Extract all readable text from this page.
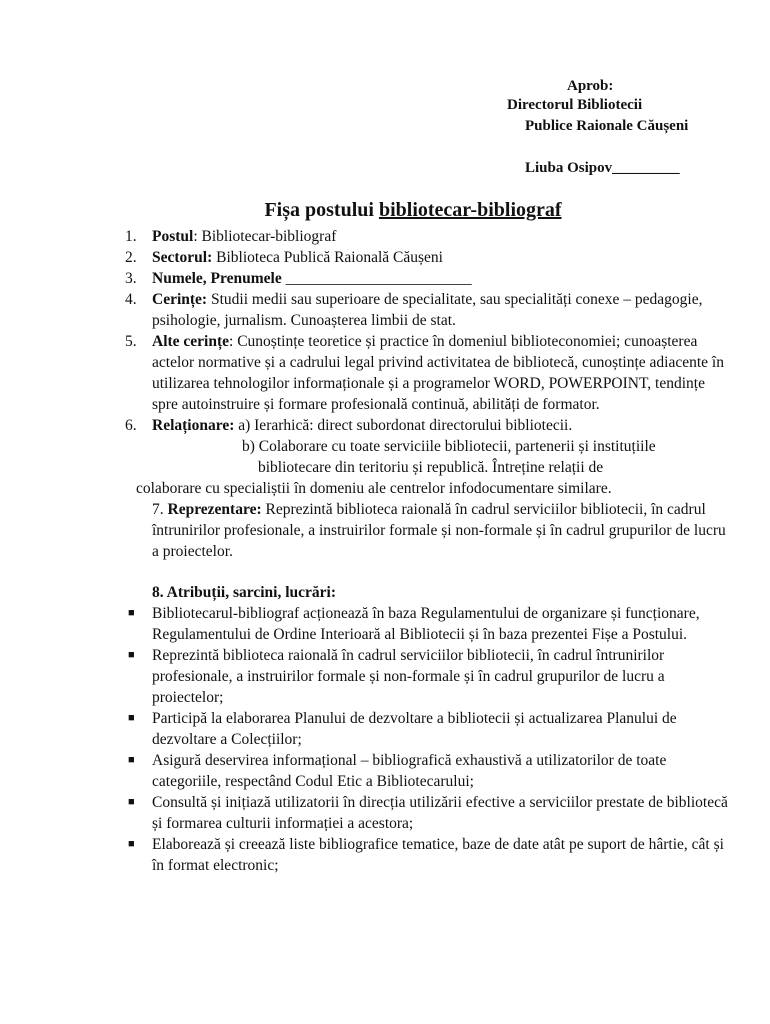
Aprob:
Directorul Bibliotecii
Publice Raionale Căușeni
Liuba Osipov_________
Fișa postului bibliotecar-bibliograf
1. Postul: Bibliotecar-bibliograf
2. Sectorul: Biblioteca Publică Raională Căușeni
3. Numele, Prenumele ________________________
4. Cerințe: Studii medii sau superioare de specialitate, sau specialități conexe – pedagogie, psihologie, jurnalism. Cunoașterea limbii de stat.
5. Alte cerințe: Cunoștințe teoretice și practice în domeniul biblioteconomiei; cunoașterea actelor normative și a cadrului legal privind activitatea de bibliotecă, cunoștințe adiacente în utilizarea tehnologilor informaționale și a programelor WORD, POWERPOINT, tendințe spre autoinstruire și formare profesională continuă, abilități de formator.
6. Relaționare: a) Ierarhică: direct subordonat directorului bibliotecii.
b) Colaborare cu toate serviciile bibliotecii, partenerii și instituțiile
bibliotecare din teritoriu și republică. Întreține relații de
colaborare cu specialiștii în domeniu ale centrelor infodocumentare similare.
7. Reprezentare: Reprezintă biblioteca raională în cadrul serviciilor bibliotecii, în cadrul întrunirilor profesionale, a instruirilor formale și non-formale și în cadrul grupurilor de lucru a proiectelor.
8. Atribuții, sarcini, lucrări:
■ Bibliotecarul-bibliograf acționează în baza Regulamentului de organizare și funcționare, Regulamentului de Ordine Interioară al Bibliotecii și în baza prezentei Fișe a Postului.
■ Reprezintă biblioteca raională în cadrul serviciilor bibliotecii, în cadrul întrunirilor profesionale, a instruirilor formale și non-formale și în cadrul grupurilor de lucru a proiectelor;
■ Participă la elaborarea Planului de dezvoltare a bibliotecii și actualizarea Planului de dezvoltare a Colecțiilor;
■ Asigură deservirea informațional – bibliografică exhaustivă a utilizatorilor de toate categoriile, respectând Codul Etic a Bibliotecarului;
■ Consultă și inițiază utilizatorii în direcția utilizării efective a serviciilor prestate de bibliotecă și formarea culturii informației a acestora;
■ Elaborează și creează liste bibliografice tematice, baze de date atât pe suport de hârtie, cât și în format electronic;
